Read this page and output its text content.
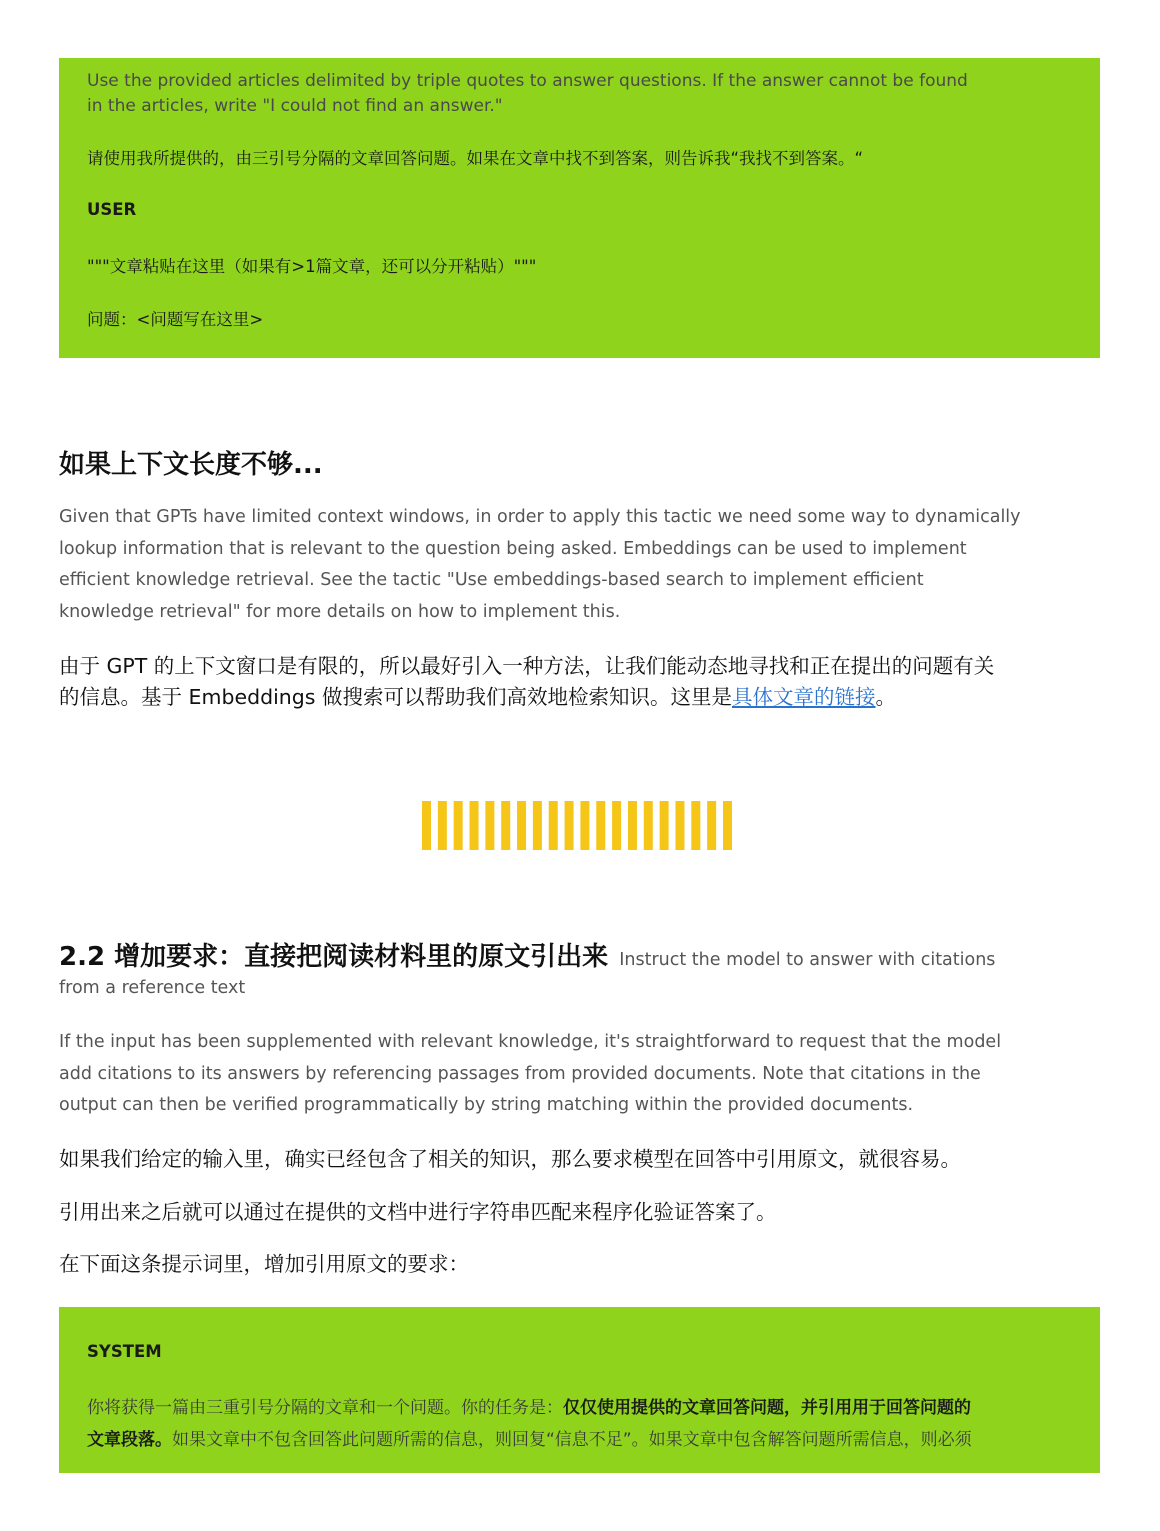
Use the provided articles delimited by triple quotes to answer questions. If the answer cannot be found
in the articles, write "I could not find an answer."
请使用我所提供的，由三引号分隔的文章回答问题。如果在文章中找不到答案，则告诉我“我找不到答案。“
USER
"""文章粘贴在这里（如果有>1篇文章，还可以分开粘贴）"""
问题：<问题写在这里>
如果上下文长度不够...
Given that GPTs have limited context windows, in order to apply this tactic we need some way to dynamically
lookup information that is relevant to the question being asked. Embeddings can be used to implement
efficient knowledge retrieval. See the tactic "Use embeddings-based search to implement efficient
knowledge retrieval" for more details on how to implement this.
由于 GPT 的上下文窗口是有限的，所以最好引入一种方法，让我们能动态地寻找和正在提出的问题有关
的信息。基于 Embeddings 做搜索可以帮助我们高效地检索知识。这里是具体文章的链接。
2.2 增加要求：直接把阅读材料里的原文引出来 Instruct the model to answer with citations
from a reference text
If the input has been supplemented with relevant knowledge, it's straightforward to request that the model
add citations to its answers by referencing passages from provided documents. Note that citations in the
output can then be verified programmatically by string matching within the provided documents.
如果我们给定的输入里，确实已经包含了相关的知识，那么要求模型在回答中引用原文，就很容易。
引用出来之后就可以通过在提供的文档中进行字符串匹配来程序化验证答案了。
在下面这条提示词里，增加引用原文的要求：
SYSTEM
你将获得一篇由三重引号分隔的文章和一个问题。你的任务是：仅仅使用提供的文章回答问题，并引用用于回答问题的
文章段落。如果文章中不包含回答此问题所需的信息，则回复“信息不足”。如果文章中包含解答问题所需信息，则必须
